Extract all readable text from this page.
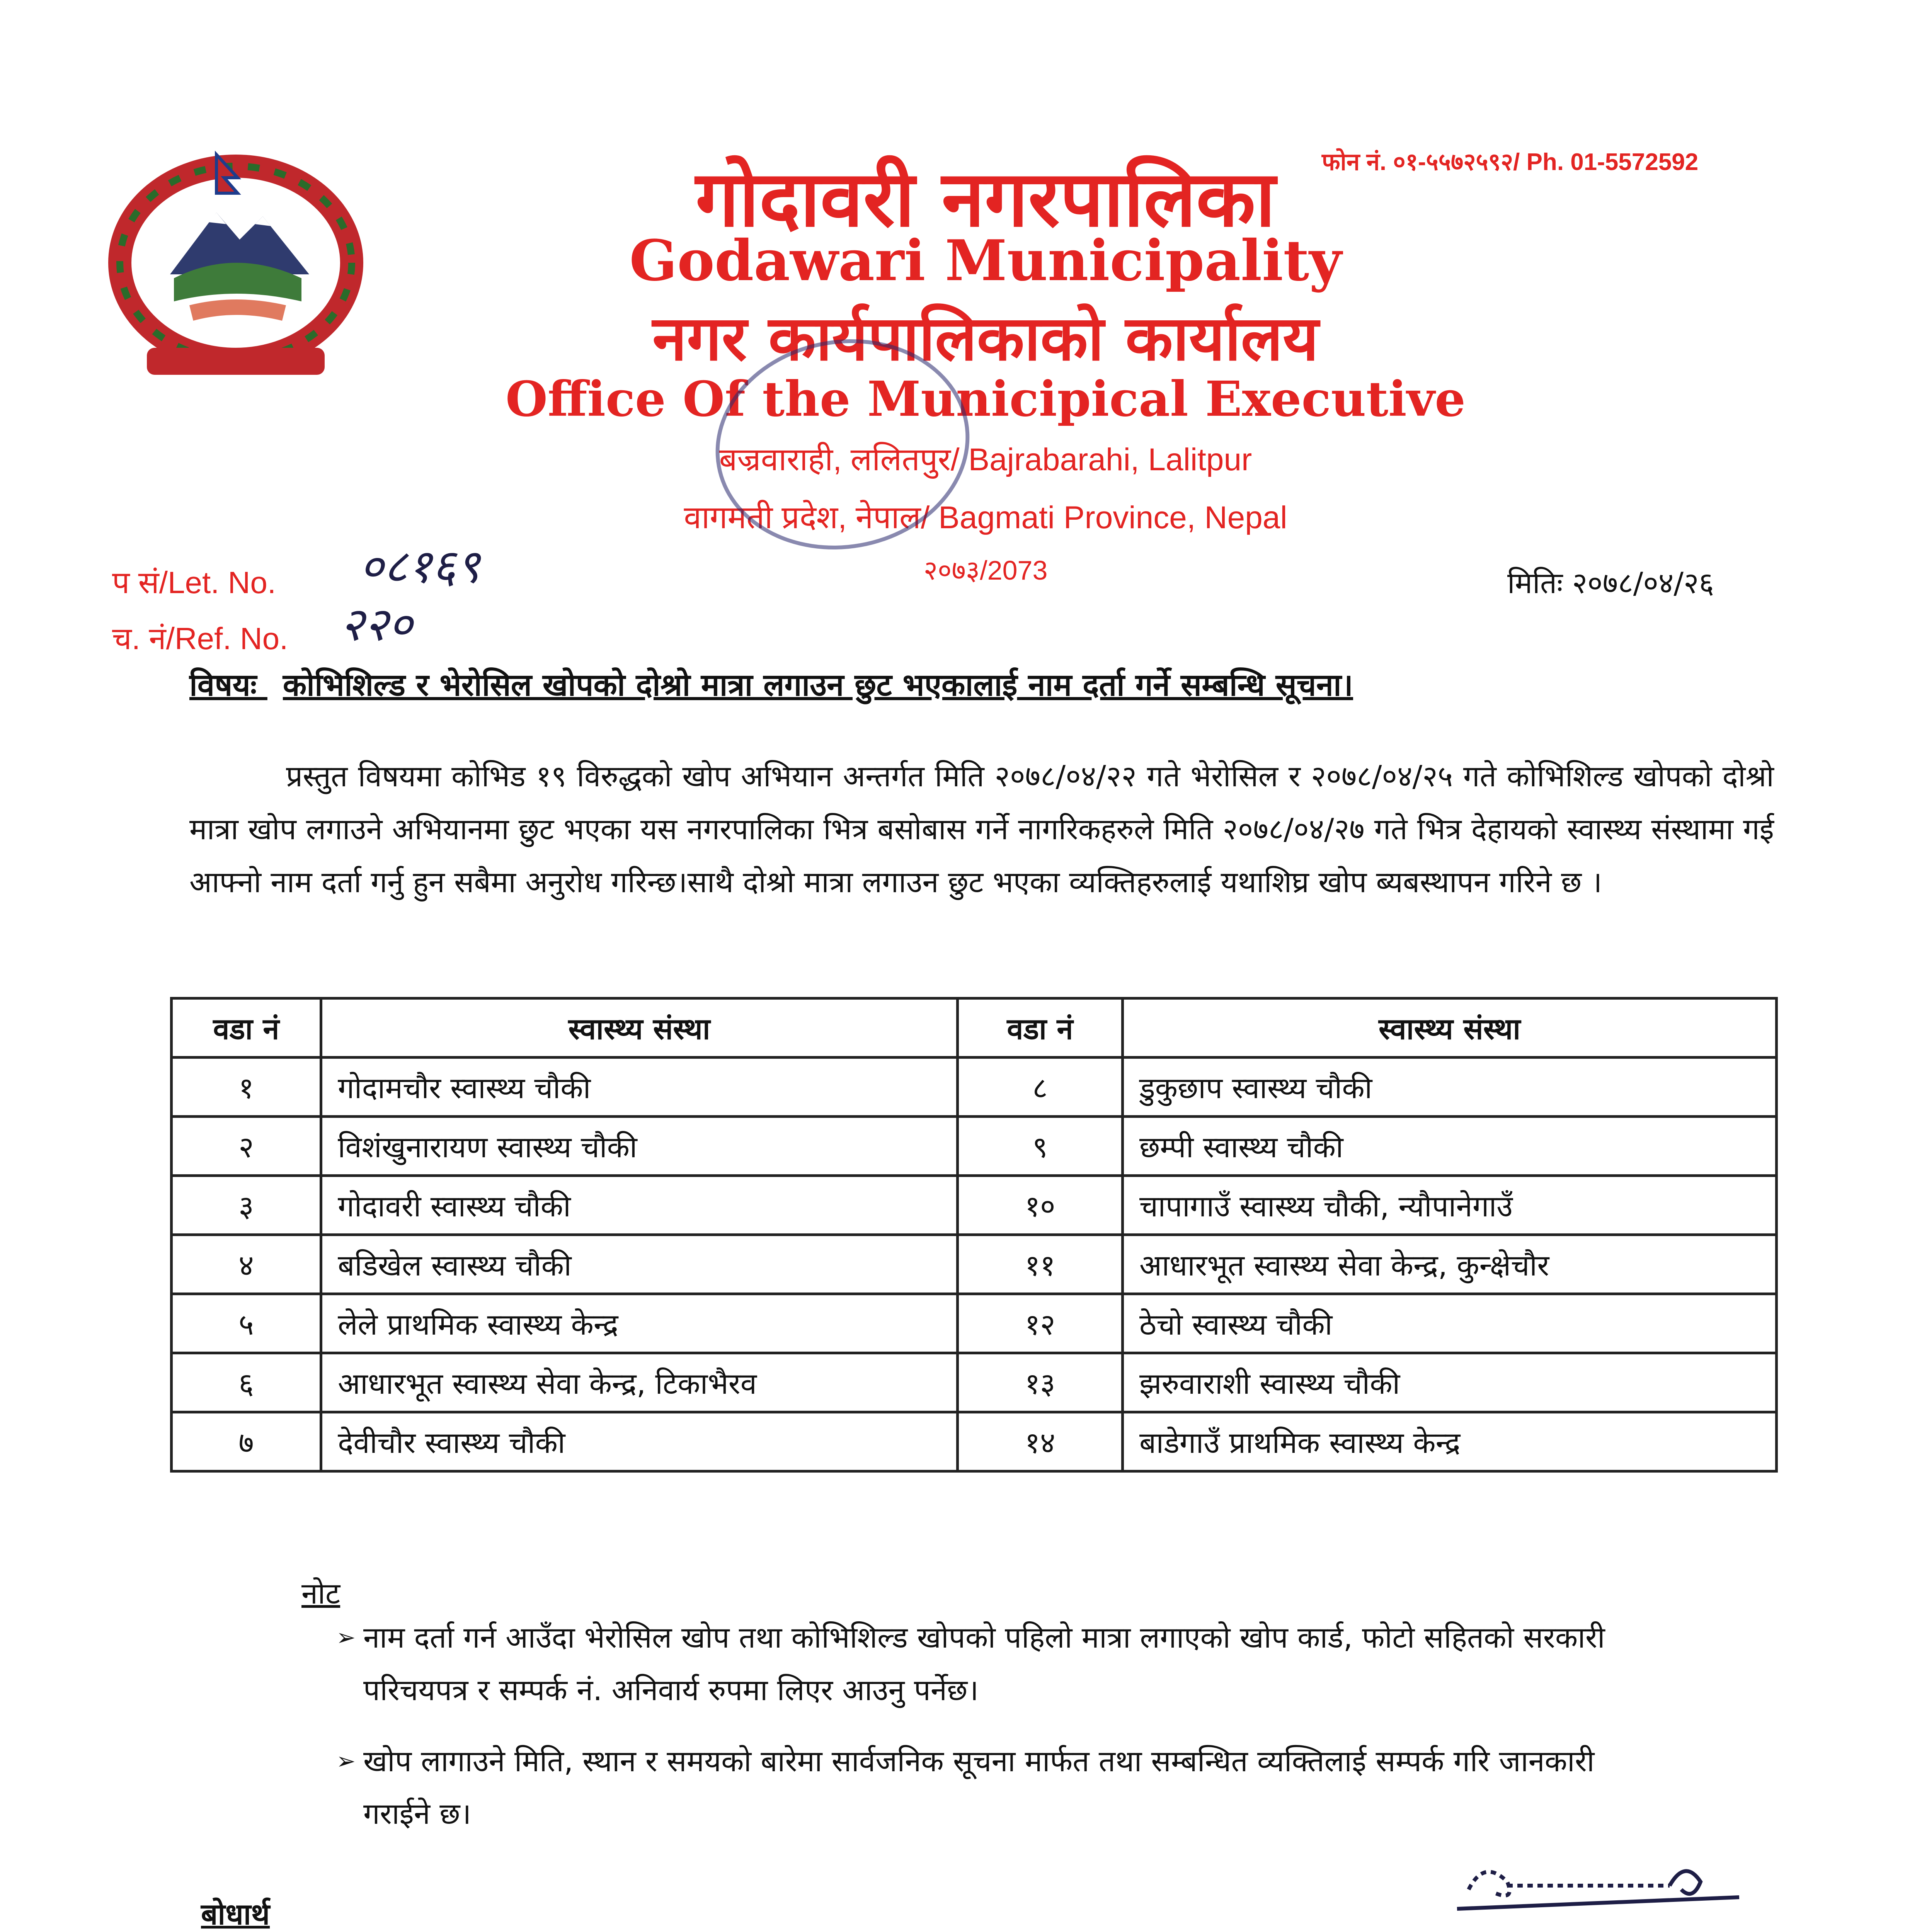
फोन नं. ०१-५५७२५९२/ Ph. 01-5572592
गोदावरी नगरपालिका
Godawari Municipality
नगर कार्यपालिकाको कार्यालय
Office Of the Municipical Executive
बज्रवाराही, ललितपुर/ Bajrabarahi, Lalitpur
वागमती प्रदेश, नेपाल/ Bagmati Province, Nepal
२०७३/2073
प सं/Let. No. ०८१६९
च. नं/Ref. No. २२०
मितिः २०७८/०४/२६
विषयः कोभिशिल्ड र भेरोसिल खोपको दोश्रो मात्रा लगाउन छुट भएकालाई नाम दर्ता गर्ने सम्बन्धि सूचना।
प्रस्तुत विषयमा कोभिड १९ विरुद्धको खोप अभियान अन्तर्गत मिति २०७८/०४/२२ गते भेरोसिल र २०७८/०४/२५ गते कोभिशिल्ड खोपको दोश्रो मात्रा खोप लगाउने अभियानमा छुट भएका यस नगरपालिका भित्र बसोबास गर्ने नागरिकहरुले मिति २०७८/०४/२७ गते भित्र देहायको स्वास्थ्य संस्थामा गई आफ्नो नाम दर्ता गर्नु हुन सबैमा अनुरोध गरिन्छ।साथै दोश्रो मात्रा लगाउन छुट भएका व्यक्तिहरुलाई यथाशिघ्र खोप ब्यबस्थापन गरिने छ ।
वडा नं	स्वास्थ्य संस्था	वडा नं	स्वास्थ्य संस्था
१	गोदामचौर स्वास्थ्य चौकी	८	डुकुछाप स्वास्थ्य चौकी
२	विशंखुनारायण स्वास्थ्य चौकी	९	छम्पी स्वास्थ्य चौकी
३	गोदावरी स्वास्थ्य चौकी	१०	चापागाउँ स्वास्थ्य चौकी, न्यौपानेगाउँ
४	बडिखेल स्वास्थ्य चौकी	११	आधारभूत स्वास्थ्य सेवा केन्द्र, कुन्क्षेचौर
५	लेले प्राथमिक स्वास्थ्य केन्द्र	१२	ठेचो स्वास्थ्य चौकी
६	आधारभूत स्वास्थ्य सेवा केन्द्र, टिकाभैरव	१३	झरुवाराशी स्वास्थ्य चौकी
७	देवीचौर स्वास्थ्य चौकी	१४	बाडेगाउँ प्राथमिक स्वास्थ्य केन्द्र
नोट
➢ नाम दर्ता गर्न आउँदा भेरोसिल खोप तथा कोभिशिल्ड खोपको पहिलो मात्रा लगाएको खोप कार्ड, फोटो सहितको सरकारी परिचयपत्र र सम्पर्क नं. अनिवार्य रुपमा लिएर आउनु पर्नेछ।
➢ खोप लागाउने मिति, स्थान र समयको बारेमा सार्वजनिक सूचना मार्फत तथा सम्बन्धित व्यक्तिलाई सम्पर्क गरि जानकारी गराईने छ।
बोधार्थ
